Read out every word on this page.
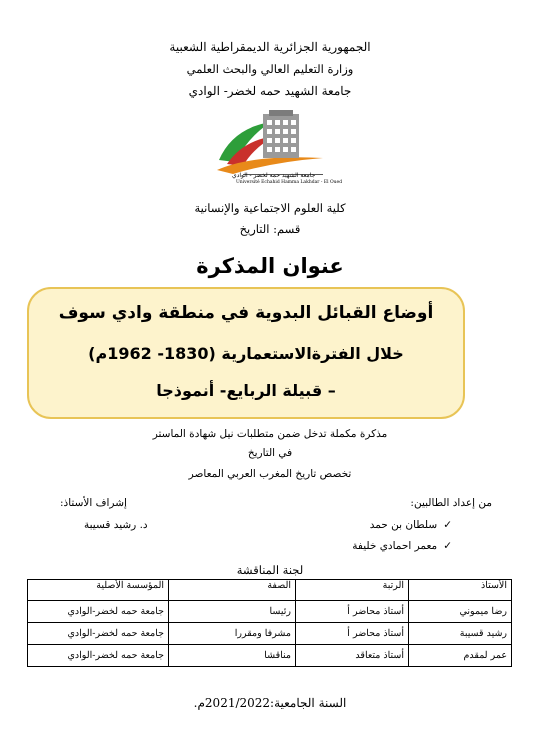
الجمهورية الجزائرية الديمقراطية الشعبية
وزارة التعليم العالي والبحث العلمي
جامعة الشهيد حمه لخضر- الوادي
جامعة الشهيد حمه لخضر - الوادي
Université Echahid Hamma Lakhdar - El Oued
كلية العلوم الاجتماعية والإنسانية
قسم: التاريخ
عنوان المذكرة
أوضاع القبائل البدوية في منطقة وادي سوف
خلال الفترةالاستعمارية (1830- 1962م)
– قبيلة الربايع- أنموذجا
مذكرة مكملة تدخل ضمن متطلبات نيل شهادة الماستر
في التاريخ
تخصص تاريخ المغرب العربي المعاصر
من إعداد الطالبين:
✓سلطان بن حمد
✓معمر احمادي خليفة
إشراف الأستاذ:
د. رشيد قسيبة
لجنة المناقشة
الأستاذ	الرتبة	الصفة	المؤسسة الأصلية
رضا ميموني	أستاذ محاضر أ	رئيسا	جامعة حمه لخضر-الوادي
رشيد قسيبة	أستاذ محاضر أ	مشرفا ومقررا	جامعة حمه لخضر-الوادي
عمر لمقدم	أستاذ متعاقد	مناقشا	جامعة حمه لخضر-الوادي
السنة الجامعية:2021/2022م.
